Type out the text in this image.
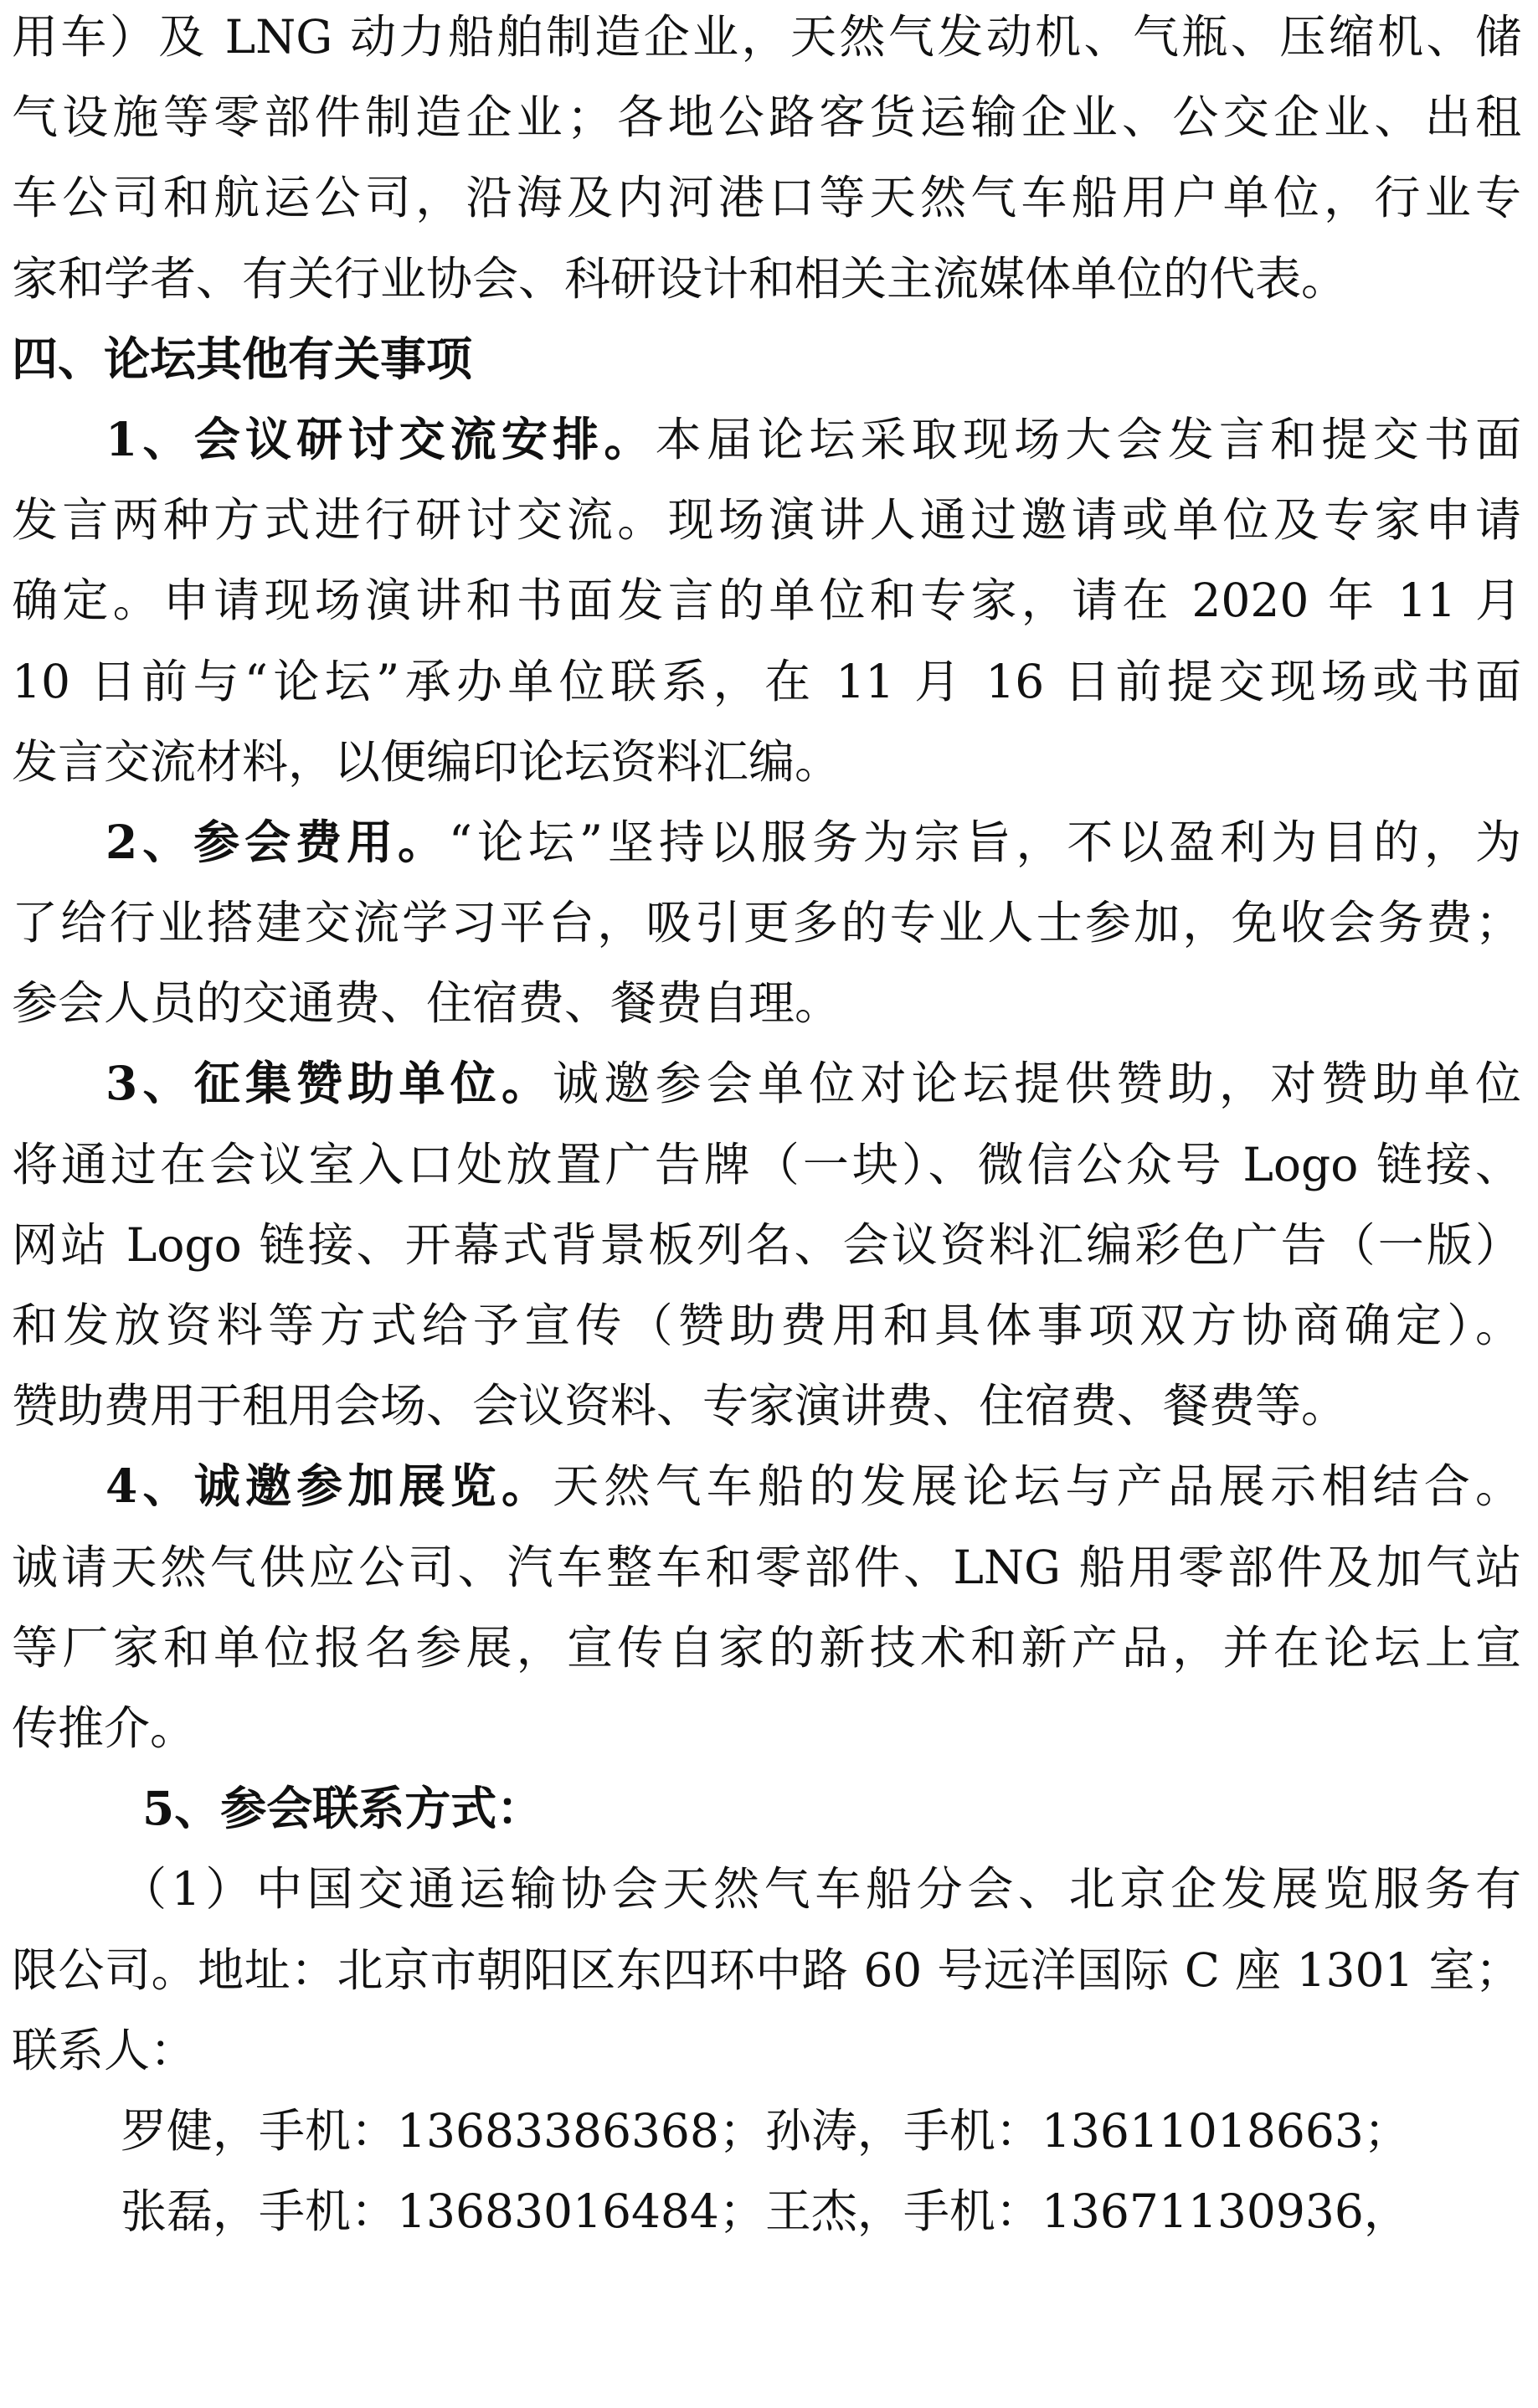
用车）及 LNG 动力船舶制造企业，天然气发动机、气瓶、压缩机、储
气设施等零部件制造企业；各地公路客货运输企业、公交企业、出租
车公司和航运公司，沿海及内河港口等天然气车船用户单位，行业专
家和学者、有关行业协会、科研设计和相关主流媒体单位的代表。
四、论坛其他有关事项
1、会议研讨交流安排。本届论坛采取现场大会发言和提交书面
发言两种方式进行研讨交流。现场演讲人通过邀请或单位及专家申请
确定。申请现场演讲和书面发言的单位和专家，请在 2020 年 11 月
10 日前与“论坛”承办单位联系，在 11 月 16 日前提交现场或书面
发言交流材料，以便编印论坛资料汇编。
2、参会费用。“论坛”坚持以服务为宗旨，不以盈利为目的，为
了给行业搭建交流学习平台，吸引更多的专业人士参加，免收会务费；
参会人员的交通费、住宿费、餐费自理。
3、征集赞助单位。诚邀参会单位对论坛提供赞助，对赞助单位
将通过在会议室入口处放置广告牌（一块）、微信公众号 Logo 链接、
网站 Logo 链接、开幕式背景板列名、会议资料汇编彩色广告（一版）
和发放资料等方式给予宣传（赞助费用和具体事项双方协商确定）。
赞助费用于租用会场、会议资料、专家演讲费、住宿费、餐费等。
4、诚邀参加展览。天然气车船的发展论坛与产品展示相结合。
诚请天然气供应公司、汽车整车和零部件、LNG 船用零部件及加气站
等厂家和单位报名参展，宣传自家的新技术和新产品，并在论坛上宣
传推介。
5、参会联系方式：
（1）中国交通运输协会天然气车船分会、北京企发展览服务有
限公司。地址：北京市朝阳区东四环中路 60 号远洋国际 C 座 1301 室；
联系人：
罗健，手机：13683386368；孙涛，手机：13611018663；
张磊，手机：13683016484；王杰，手机：13671130936，
